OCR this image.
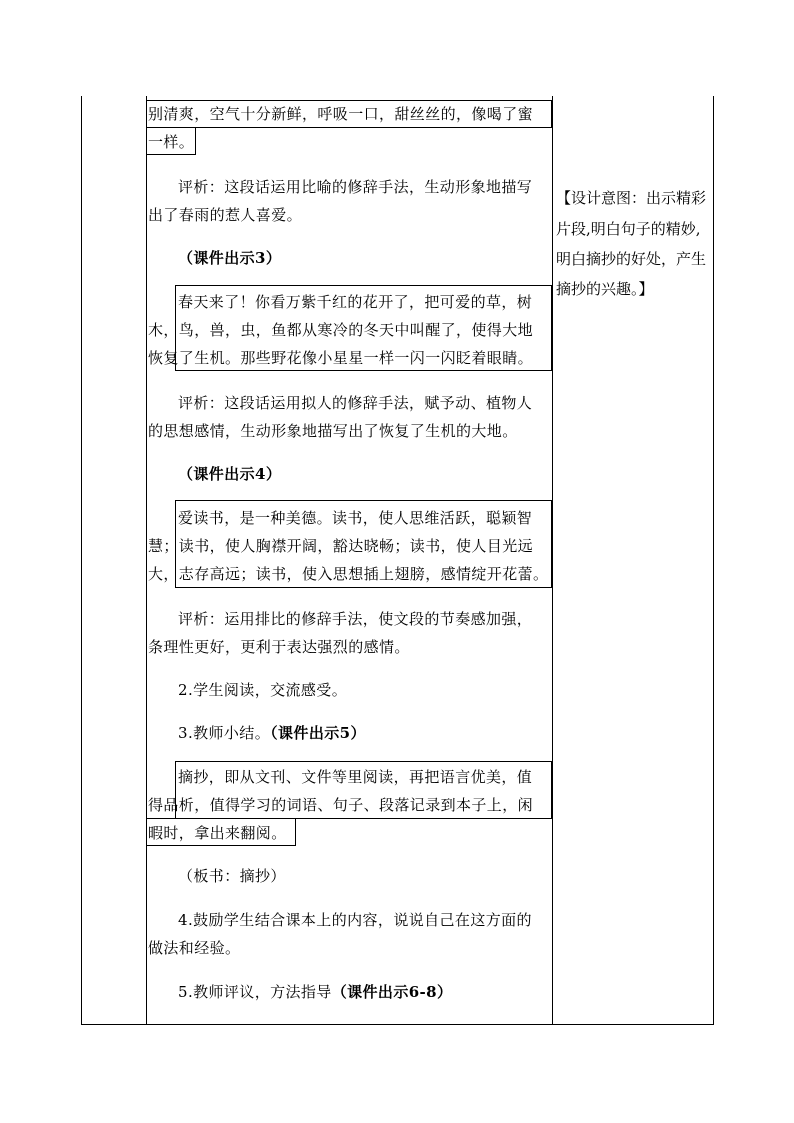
别清爽，空气十分新鲜，呼吸一口，甜丝丝的，像喝了蜜
一样。
评析：这段话运用比喻的修辞手法，生动形象地描写
出了春雨的惹人喜爱。
（课件出示3）
春天来了！你看万紫千红的花开了，把可爱的草，树
木，鸟，兽，虫，鱼都从寒冷的冬天中叫醒了，使得大地
恢复了生机。那些野花像小星星一样一闪一闪眨着眼睛。
评析：这段话运用拟人的修辞手法，赋予动、植物人
的思想感情，生动形象地描写出了恢复了生机的大地。
（课件出示4）
爱读书，是一种美德。读书，使人思维活跃，聪颖智
慧；读书，使人胸襟开阔，豁达晓畅；读书，使人目光远
大，志存高远；读书，使入思想插上翅膀，感情绽开花蕾。
评析：运用排比的修辞手法，使文段的节奏感加强，
条理性更好，更利于表达强烈的感情。
2.学生阅读，交流感受。
3.教师小结。（课件出示5）
摘抄，即从文刊、文件等里阅读，再把语言优美，值
得品析，值得学习的词语、句子、段落记录到本子上，闲
暇时，拿出来翻阅。
（板书：摘抄）
4.鼓励学生结合课本上的内容，说说自己在这方面的
做法和经验。
5.教师评议，方法指导（课件出示6-8）
【设计意图：出示精彩
片段,明白句子的精妙,
明白摘抄的好处，产生
摘抄的兴趣。】
